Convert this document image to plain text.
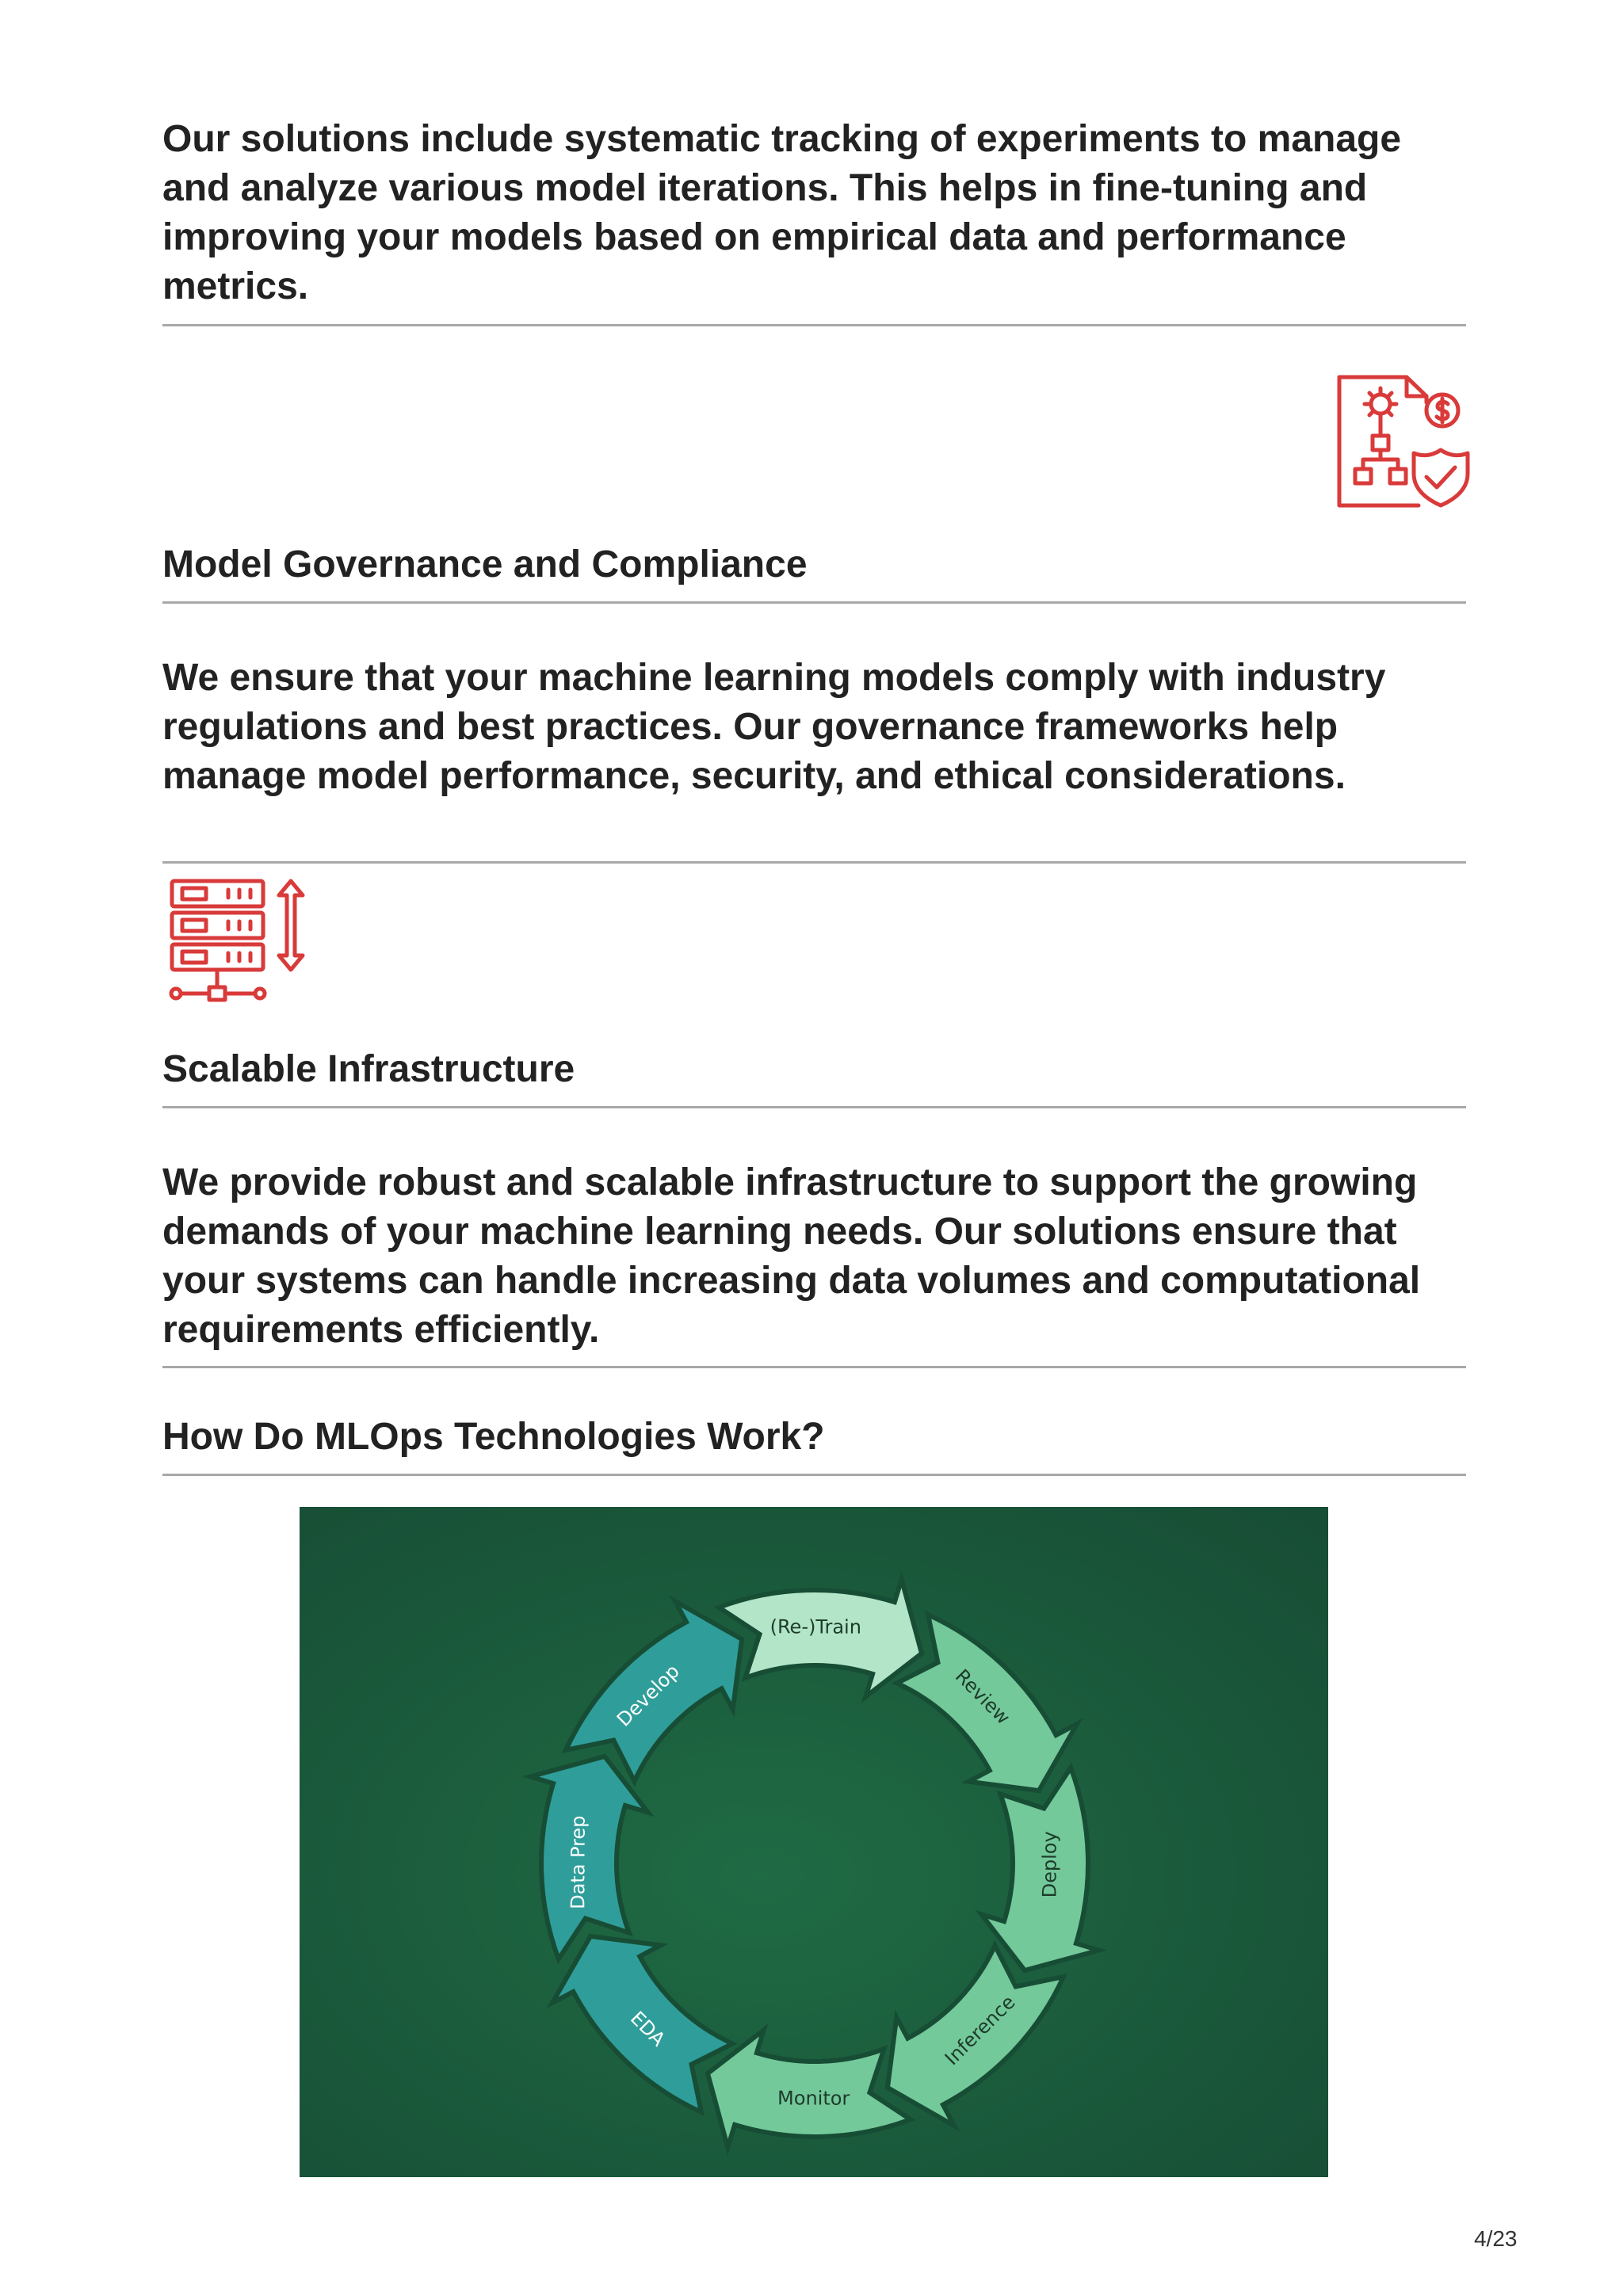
Our solutions include systematic tracking of experiments to manage and analyze various model iterations. This helps in fine-tuning and improving your models based on empirical data and performance metrics.

Model Governance and Compliance

We ensure that your machine learning models comply with industry regulations and best practices. Our governance frameworks help manage model performance, security, and ethical considerations.

Scalable Infrastructure

We provide robust and scalable infrastructure to support the growing demands of your machine learning needs. Our solutions ensure that your systems can handle increasing data volumes and computational requirements efficiently.

How Do MLOps Technologies Work?
(Re-)Train
Review
Deploy
Inference
Monitor
EDA
Data Prep
Develop
4/23
